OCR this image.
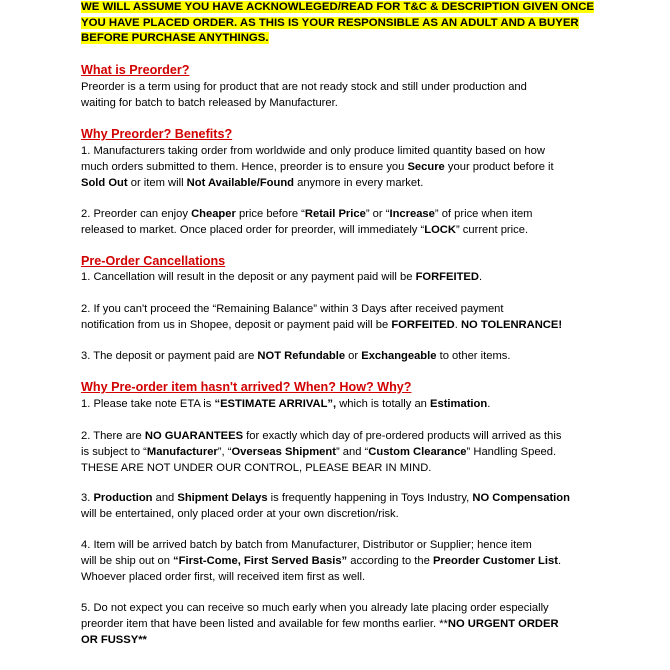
WE WILL ASSUME YOU HAVE ACKNOWLEGED/READ FOR T&C & DESCRIPTION GIVEN ONCE
YOU HAVE PLACED ORDER. AS THIS IS YOUR RESPONSIBLE AS AN ADULT AND A BUYER
BEFORE PURCHASE ANYTHINGS.
What is Preorder?
Preorder is a term using for product that are not ready stock and still under production and
waiting for batch to batch released by Manufacturer.
Why Preorder? Benefits?
1. Manufacturers taking order from worldwide and only produce limited quantity based on how
much orders submitted to them. Hence, preorder is to ensure you Secure your product before it
Sold Out or item will Not Available/Found anymore in every market.
2. Preorder can enjoy Cheaper price before “Retail Price” or “Increase” of price when item
released to market. Once placed order for preorder, will immediately “LOCK” current price.
Pre-Order Cancellations
1. Cancellation will result in the deposit or any payment paid will be FORFEITED.
2. If you can't proceed the “Remaining Balance” within 3 Days after received payment
notification from us in Shopee, deposit or payment paid will be FORFEITED. NO TOLENRANCE!
3. The deposit or payment paid are NOT Refundable or Exchangeable to other items.
Why Pre-order item hasn't arrived? When? How? Why?
1. Please take note ETA is “ESTIMATE ARRIVAL”, which is totally an Estimation.
2. There are NO GUARANTEES for exactly which day of pre-ordered products will arrived as this
is subject to “Manufacturer”, “Overseas Shipment” and “Custom Clearance” Handling Speed.
THESE ARE NOT UNDER OUR CONTROL, PLEASE BEAR IN MIND.
3. Production and Shipment Delays is frequently happening in Toys Industry, NO Compensation
will be entertained, only placed order at your own discretion/risk.
4. Item will be arrived batch by batch from Manufacturer, Distributor or Supplier; hence item
will be ship out on “First-Come, First Served Basis” according to the Preorder Customer List.
Whoever placed order first, will received item first as well.
5. Do not expect you can receive so much early when you already late placing order especially
preorder item that have been listed and available for few months earlier. **NO URGENT ORDER
OR FUSSY**
